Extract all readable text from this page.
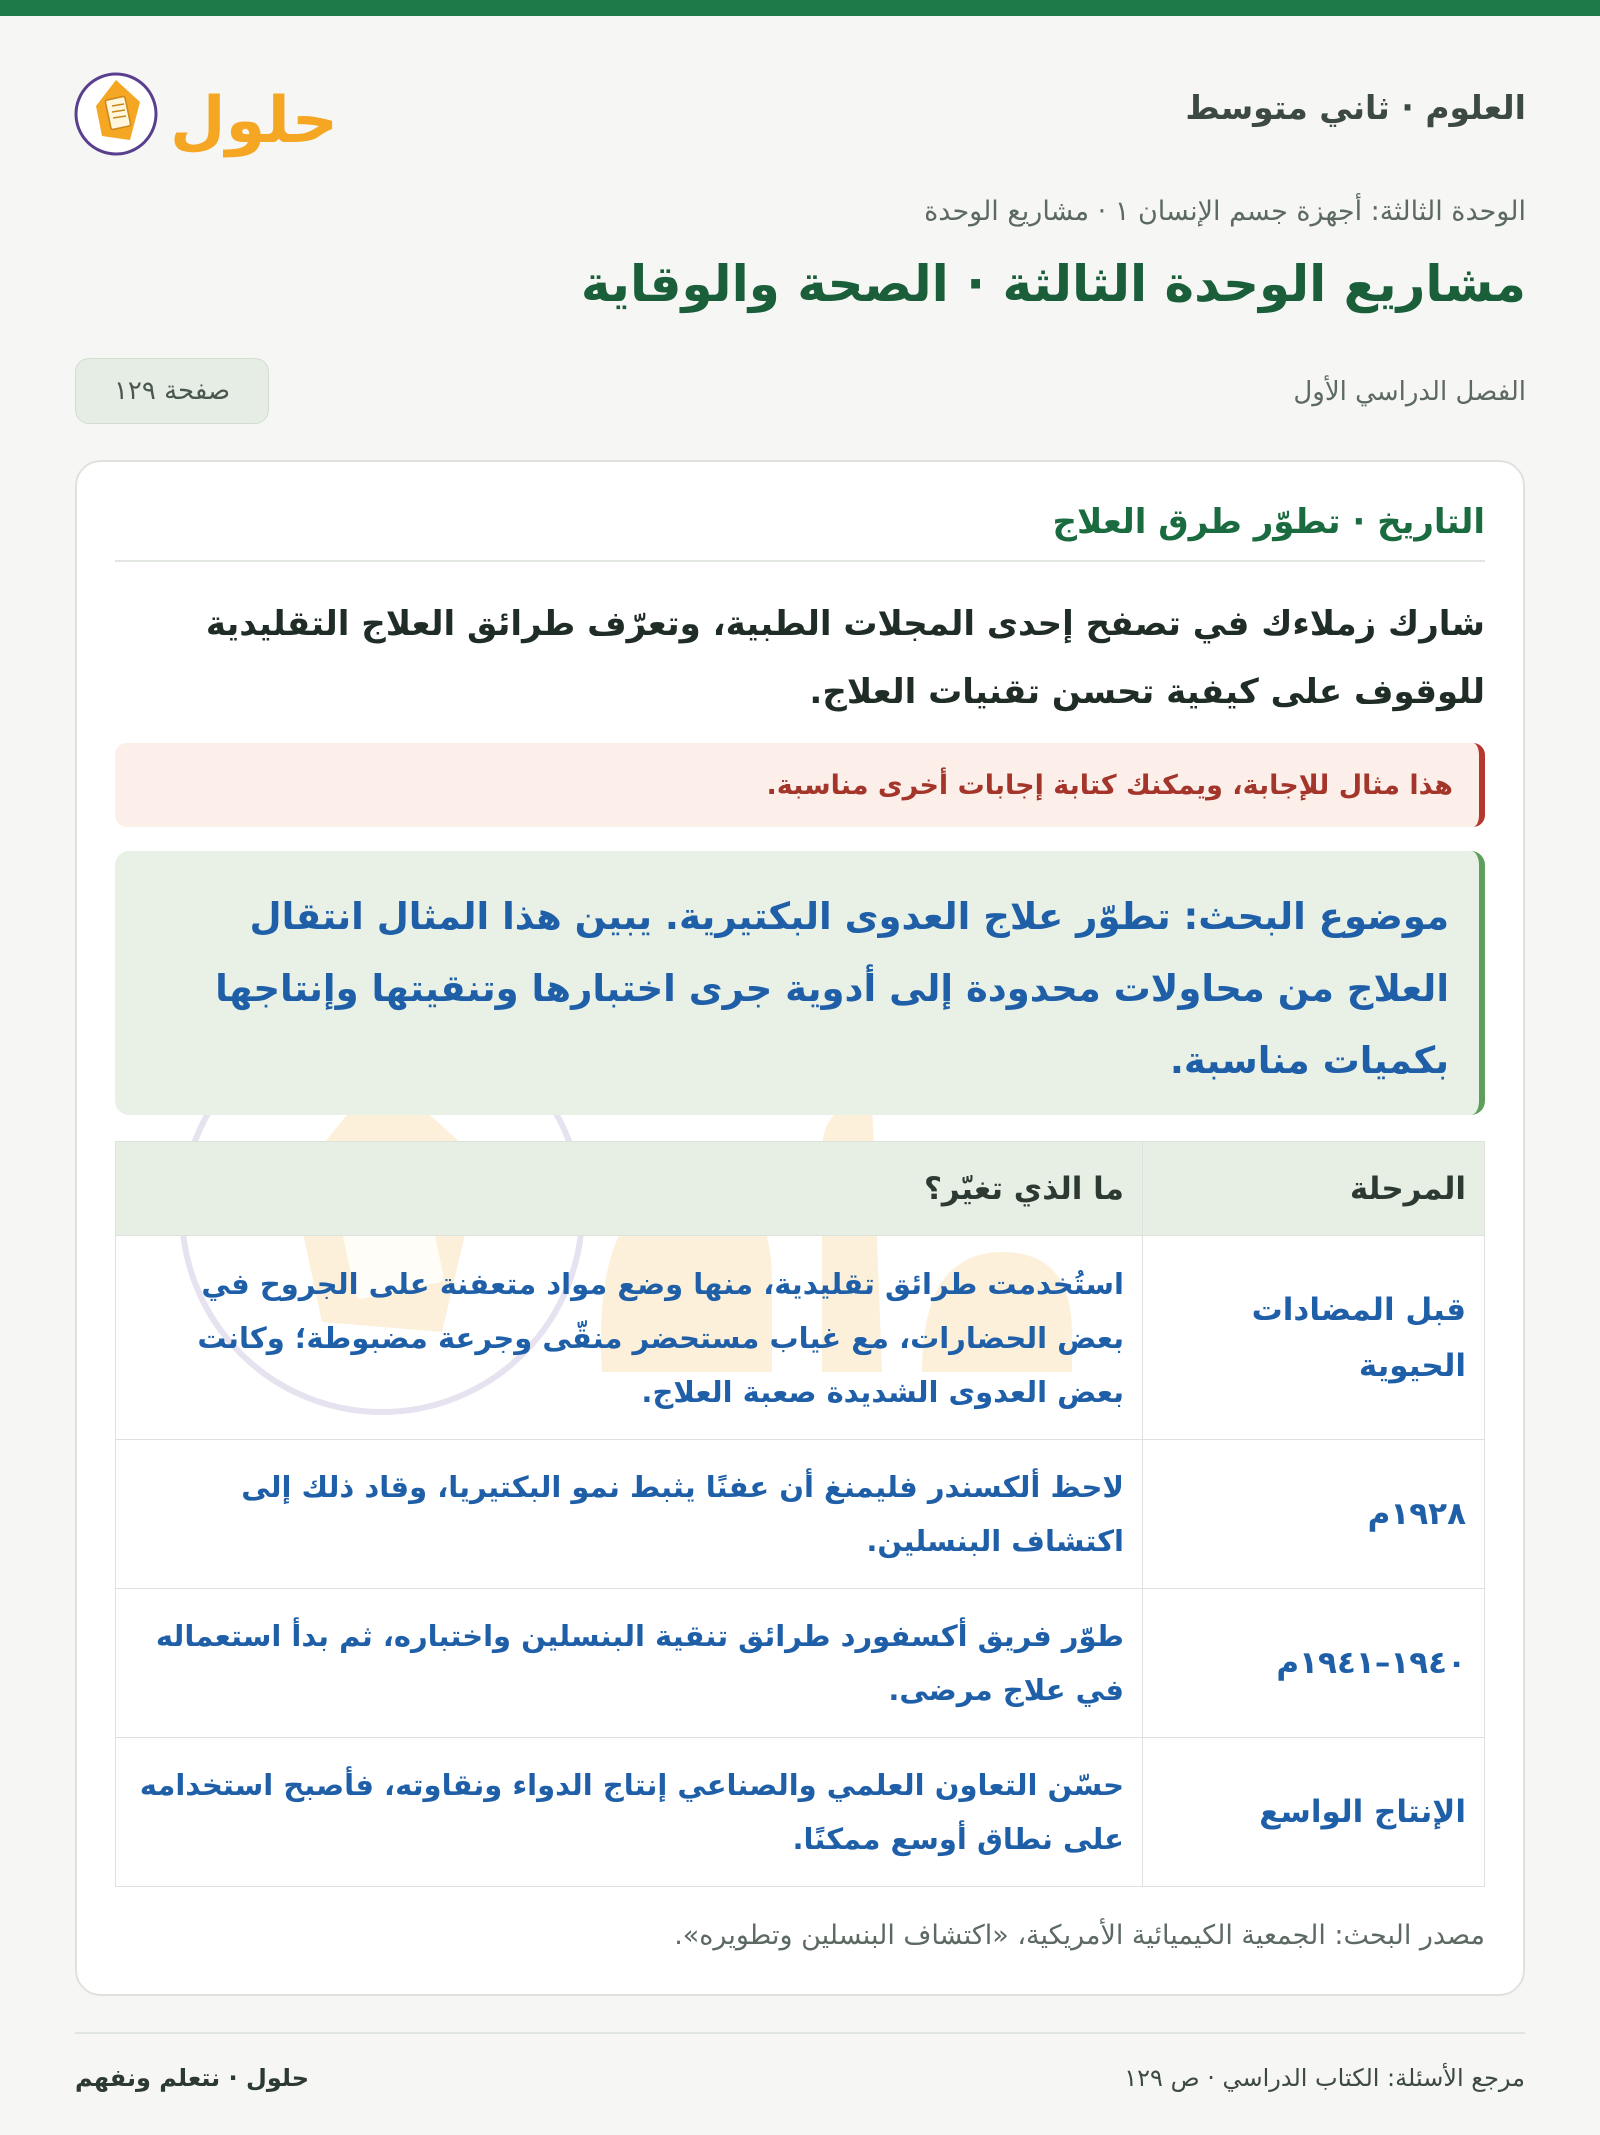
العلوم · ثاني متوسط
حلول
الوحدة الثالثة: أجهزة جسم الإنسان ١ · مشاريع الوحدة
مشاريع الوحدة الثالثة · الصحة والوقاية
الفصل الدراسي الأول
صفحة ١٢٩
التاريخ · تطوّر طرق العلاج

شارك زملاءك في تصفح إحدى المجلات الطبية، وتعرّف طرائق العلاج التقليدية للوقوف على كيفية تحسن تقنيات العلاج.

هذا مثال للإجابة، ويمكنك كتابة إجابات أخرى مناسبة.
موضوع البحث: تطوّر علاج العدوى البكتيرية. يبين هذا المثال انتقال العلاج من محاولات محدودة إلى أدوية جرى اختبارها وتنقيتها وإنتاجها بكميات مناسبة.
المرحلة	ما الذي تغيّر؟
قبل المضادات الحيوية	استُخدمت طرائق تقليدية، منها وضع مواد متعفنة على الجروح في بعض الحضارات، مع غياب مستحضر منقّى وجرعة مضبوطة؛ وكانت بعض العدوى الشديدة صعبة العلاج.
١٩٢٨م	لاحظ ألكسندر فليمنغ أن عفنًا يثبط نمو البكتيريا، وقاد ذلك إلى اكتشاف البنسلين.
١٩٤٠–١٩٤١م	طوّر فريق أكسفورد طرائق تنقية البنسلين واختباره، ثم بدأ استعماله في علاج مرضى.
الإنتاج الواسع	حسّن التعاون العلمي والصناعي إنتاج الدواء ونقاوته، فأصبح استخدامه على نطاق أوسع ممكنًا.
مصدر البحث: الجمعية الكيميائية الأمريكية، «اكتشاف البنسلين وتطويره».
مرجع الأسئلة: الكتاب الدراسي · ص ١٢٩
حلول · نتعلم ونفهم
